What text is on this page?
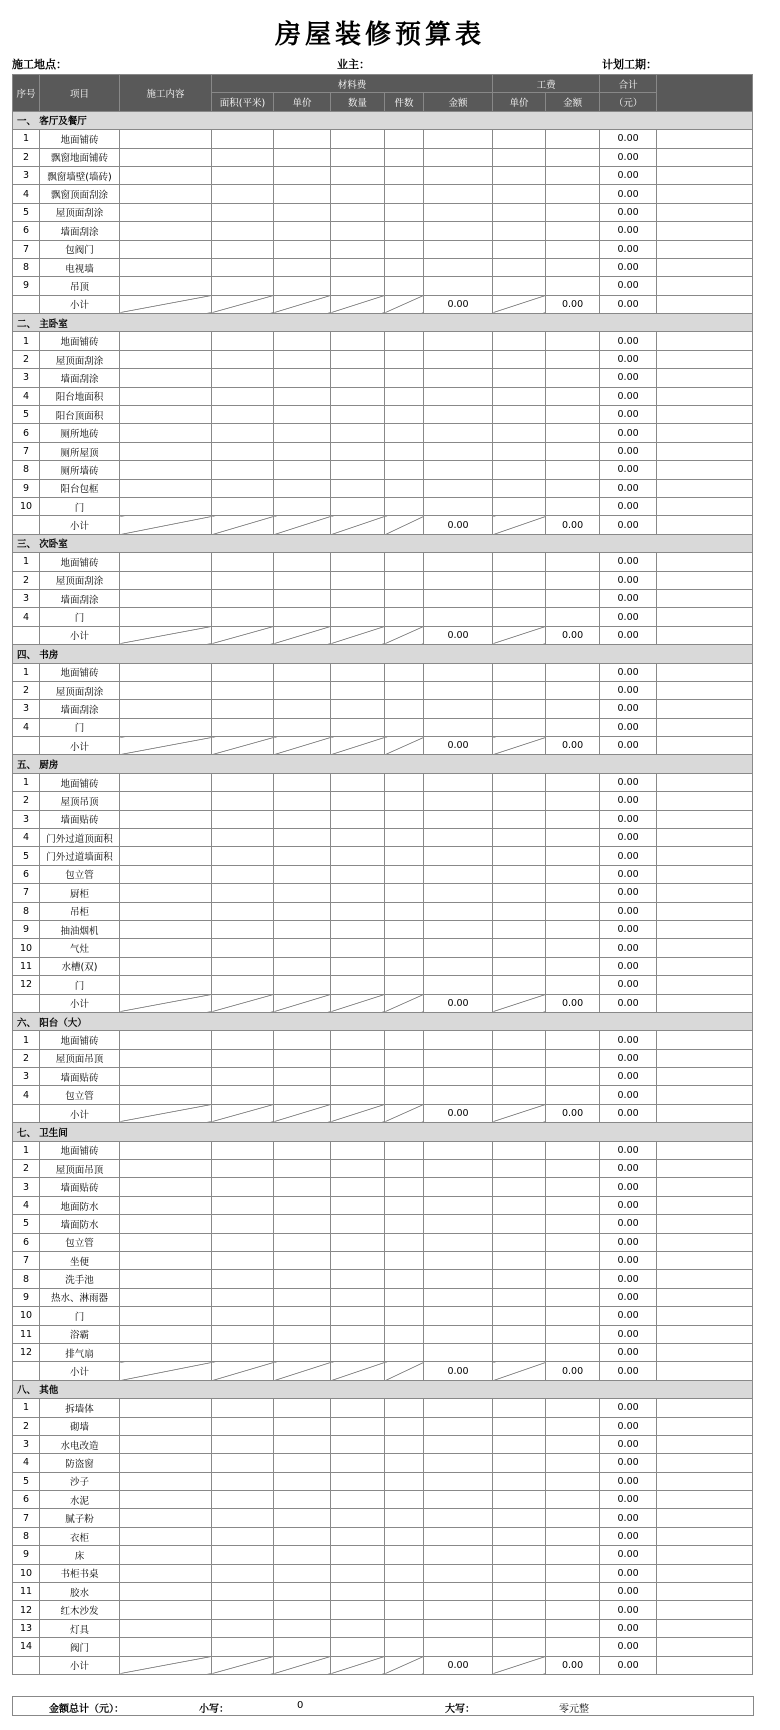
房屋装修预算表
施工地点：	业主：	计划工期：
序号	项目	施工内容	材料费					工费		合计	
			面积(平米)	单价	数量	件数	金额	单价	金额	（元）	
一、 客厅及餐厅											
1	地面铺砖									0.00	
2	飘窗地面铺砖									0.00	
3	飘窗墙壁(墙砖)									0.00	
4	飘窗顶面刮涂									0.00	
5	屋顶面刮涂									0.00	
6	墙面刮涂									0.00	
7	包阀门									0.00	
8	电视墙									0.00	
9	吊顶									0.00	
	小计						0.00		0.00	0.00	
二、 主卧室											
1	地面铺砖									0.00	
2	屋顶面刮涂									0.00	
3	墙面刮涂									0.00	
4	阳台地面积									0.00	
5	阳台顶面积									0.00	
6	厕所地砖									0.00	
7	厕所屋顶									0.00	
8	厕所墙砖									0.00	
9	阳台包框									0.00	
10	门									0.00	
	小计						0.00		0.00	0.00	
三、 次卧室											
1	地面铺砖									0.00	
2	屋顶面刮涂									0.00	
3	墙面刮涂									0.00	
4	门									0.00	
	小计						0.00		0.00	0.00	
四、 书房											
1	地面铺砖									0.00	
2	屋顶面刮涂									0.00	
3	墙面刮涂									0.00	
4	门									0.00	
	小计						0.00		0.00	0.00	
五、 厨房											
1	地面铺砖									0.00	
2	屋顶吊顶									0.00	
3	墙面贴砖									0.00	
4	门外过道顶面积									0.00	
5	门外过道墙面积									0.00	
6	包立管									0.00	
7	厨柜									0.00	
8	吊柜									0.00	
9	抽油烟机									0.00	
10	气灶									0.00	
11	水槽(双)									0.00	
12	门									0.00	
	小计						0.00		0.00	0.00	
六、 阳台（大）											
1	地面铺砖									0.00	
2	屋顶面吊顶									0.00	
3	墙面贴砖									0.00	
4	包立管									0.00	
	小计						0.00		0.00	0.00	
七、 卫生间											
1	地面铺砖									0.00	
2	屋顶面吊顶									0.00	
3	墙面贴砖									0.00	
4	地面防水									0.00	
5	墙面防水									0.00	
6	包立管									0.00	
7	坐便									0.00	
8	洗手池									0.00	
9	热水、淋雨器									0.00	
10	门									0.00	
11	浴霸									0.00	
12	排气扇									0.00	
	小计						0.00		0.00	0.00	
八、 其他											
1	拆墙体									0.00	
2	砌墙									0.00	
3	水电改造									0.00	
4	防盗窗									0.00	
5	沙子									0.00	
6	水泥									0.00	
7	腻子粉									0.00	
8	衣柜									0.00	
9	床									0.00	
10	书柜书桌									0.00	
11	胶水									0.00	
12	红木沙发									0.00	
13	灯具									0.00	
14	阀门									0.00	
	小计						0.00		0.00	0.00	
金额总计（元）：	小写：	0	大写：	零元整
